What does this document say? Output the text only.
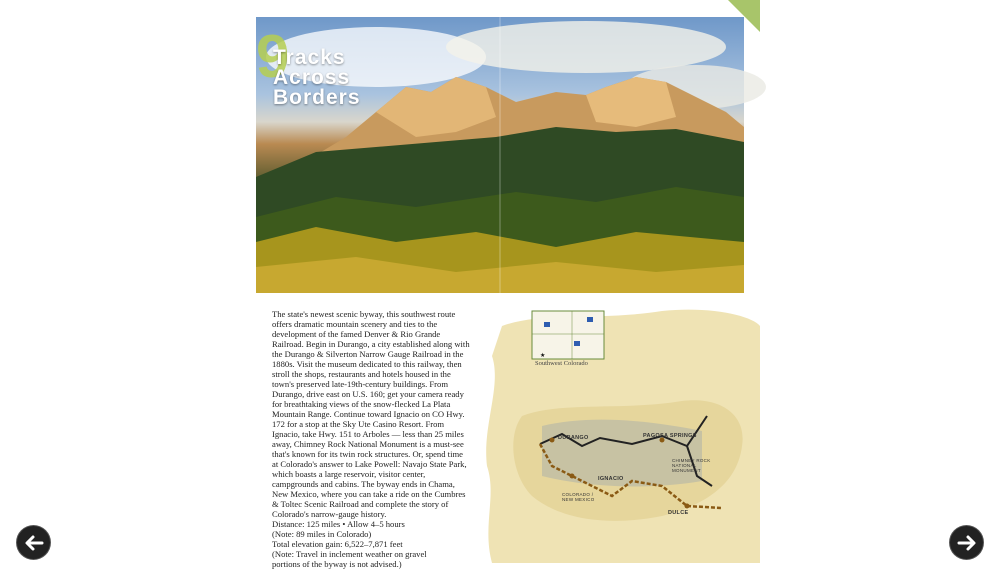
9
Tracks
Across
Borders

The state's newest scenic byway, this southwest route offers dramatic mountain scenery and ties to the development of the famed Denver & Rio Grande Railroad. Begin in Durango, a city established along with the Durango & Silverton Narrow Gauge Railroad in the 1880s. Visit the museum dedicated to this railway, then stroll the shops, restaurants and hotels housed in the town's preserved late-19th-century buildings. From Durango, drive east on U.S. 160; get your camera ready for breathtaking views of the snow-flecked La Plata Mountain Range. Continue toward Ignacio on CO Hwy. 172 for a stop at the Sky Ute Casino Resort. From Ignacio, take Hwy. 151 to Arboles — less than 25 miles away, Chimney Rock National Monument is a must-see that's known for its twin rock structures. Or, spend time at Colorado's answer to Lake Powell: Navajo State Park, which boasts a large reservoir, visitor center, campgrounds and cabins. The byway ends in Chama, New Mexico, where you can take a ride on the Cumbres & Toltec Scenic Railroad and complete the story of Colorado's narrow-gauge history.

Distance: 125 miles • Allow 4–5 hours
(Note: 89 miles in Colorado)
Total elevation gain: 6,522–7,871 feet
(Note: Travel in inclement weather on gravel
portions of the byway is not advised.)
★
Southwest Colorado
DURANGO	PAGOSA SPRINGS
IGNACIO
CHIMNEY ROCK NATIONAL MONUMENT
DULCE
COLORADO / NEW MEXICO
